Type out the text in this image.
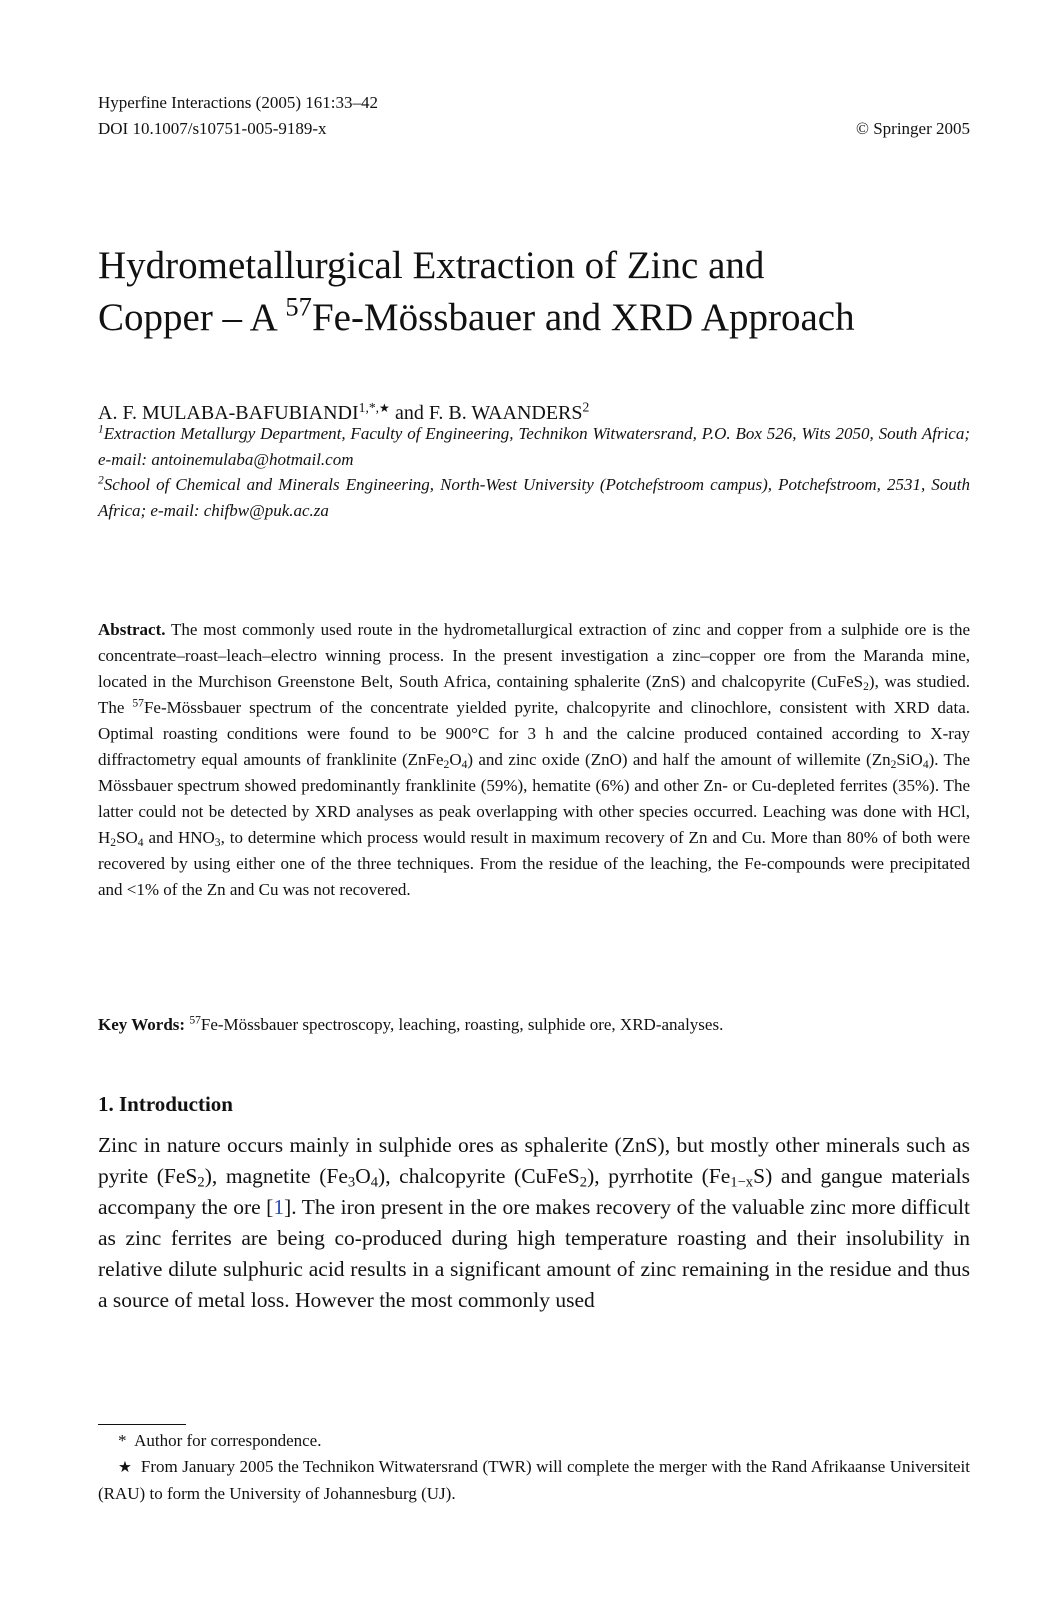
Hyperfine Interactions (2005) 161:33–42
DOI 10.1007/s10751-005-9189-x	© Springer 2005
Hydrometallurgical Extraction of Zinc and
Copper – A $^{57}$Fe-Mössbauer and XRD Approach
A. F. MULABA-$BAFUBIANDI^{1,*,★}$ and F. B. WAANDERS$^2$
$^1$Extraction Metallurgy Department, Faculty of Engineering, Technikon Witwatersrand, P.O. Box 526, Wits 2050, South Africa; e-mail: antoinemulaba@hotmail.com
$^2$School of Chemical and Minerals Engineering, North-West University (Potchefstroom campus), Potchefstroom, 2531, South Africa; e-mail: chifbw@puk.ac.za
Abstract. The most commonly used route in the hydrometallurgical extraction of zinc and copper from a sulphide ore is the concentrate–roast–leach–electro winning process. In the present investigation a zinc–copper ore from the Maranda mine, located in the Murchison Greenstone Belt, South Africa, containing sphalerite (ZnS) and chalcopyrite (CuFeS$_2$), was studied. The $^{57}$Fe-Mössbauer spectrum of the concentrate yielded pyrite, chalcopyrite and clinochlore, consistent with XRD data. Optimal roasting conditions were found to be 900°C for 3 h and the calcine produced contained according to X-ray diffractometry equal amounts of franklinite $(ZnFe_2O_4)$ and zinc oxide (ZnO) and half the amount of willemite $(Zn_2SiO_4)$. The Mössbauer spectrum showed predominantly franklinite (59%), hematite (6%) and other Zn- or Cu-depleted ferrites (35%). The latter could not be detected by XRD analyses as peak overlapping with other species occurred. Leaching was done with HCl, $H_2SO_4$ and $HNO_3$, to determine which process would result in maximum recovery of Zn and Cu. More than 80% of both were recovered by using either one of the three techniques. From the residue of the leaching, the Fe-compounds were precipitated and <1% of the Zn and Cu was not recovered.
Key Words: $^{57}$Fe-Mössbauer spectroscopy, leaching, roasting, sulphide ore, XRD-analyses.
1. Introduction
Zinc in nature occurs mainly in sulphide ores as sphalerite (ZnS), but mostly other minerals such as pyrite (FeS$_2$), magnetite $(Fe_3O_4)$, chalcopyrite (CuFeS$_2$), pyrrhotite $(Fe_{1-x}S)$ and gangue materials accompany the ore [1]. The iron present in the ore makes recovery of the valuable zinc more difficult as zinc ferrites are being co-produced during high temperature roasting and their insolubility in relative dilute sulphuric acid results in a significant amount of zinc remaining in the residue and thus a source of metal loss. However the most commonly used
* Author for correspondence.
★ From January 2005 the Technikon Witwatersrand (TWR) will complete the merger with the Rand Afrikaanse Universiteit (RAU) to form the University of Johannesburg (UJ).
